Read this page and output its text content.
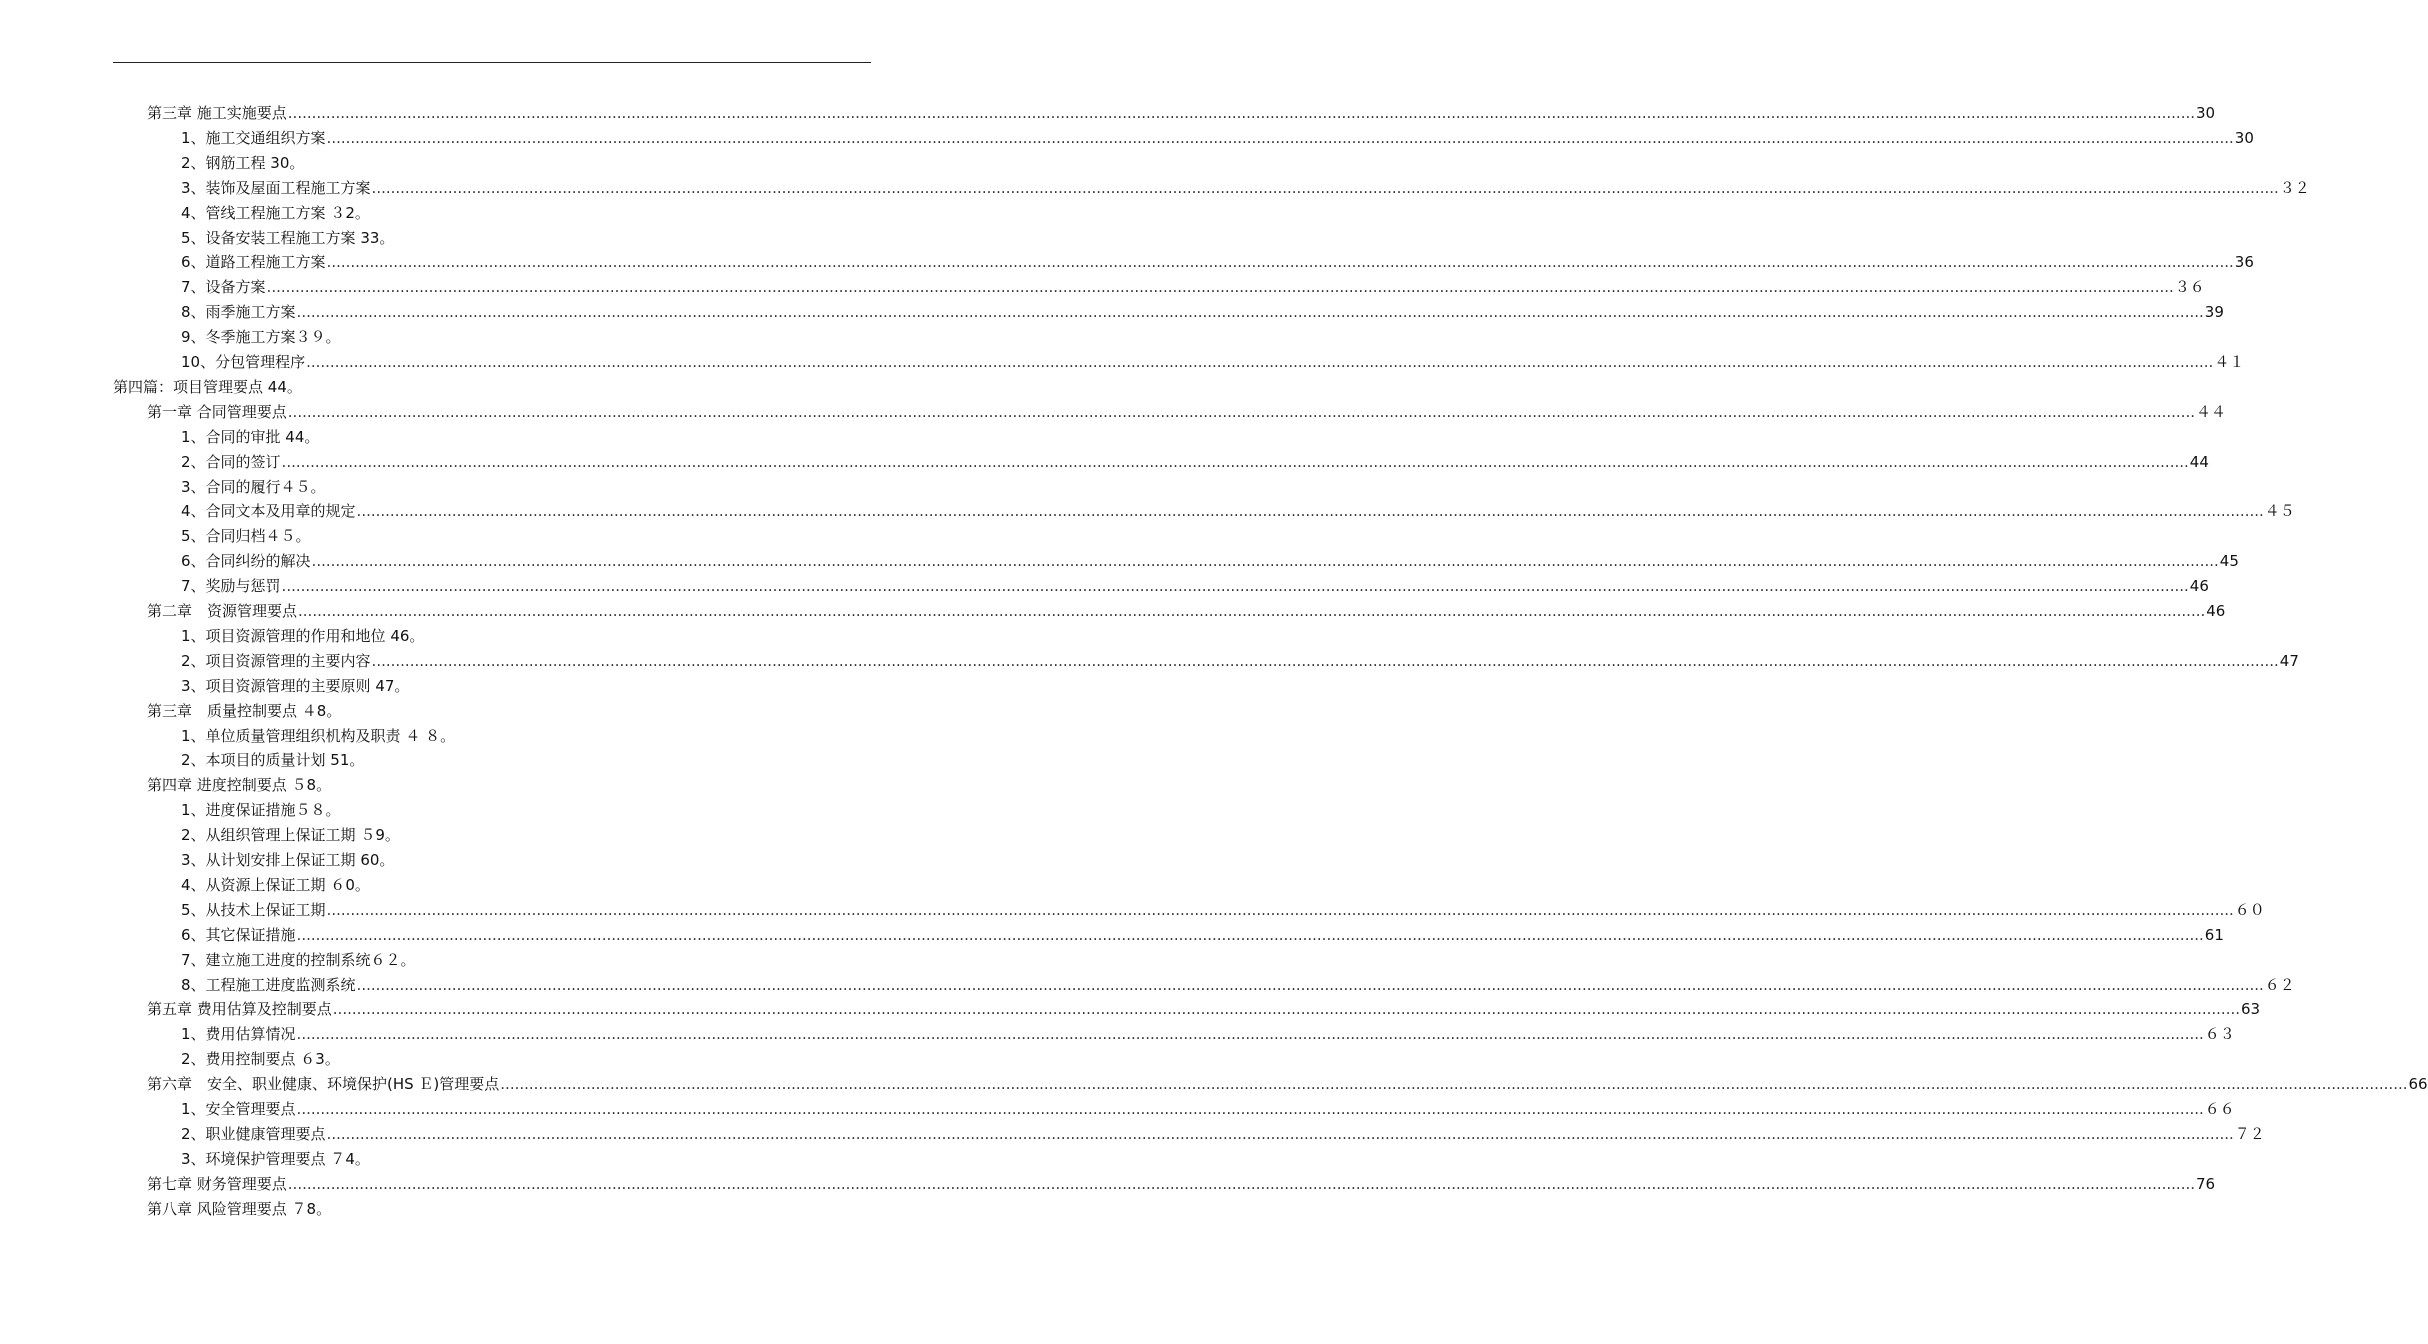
第三章 施工实施要点 ................................................................................................................................................................................................................................................................................................................................................................................................................ 30
1、施工交通组织方案 ................................................................................................................................................................................................................................................................................................................................................................................................................ 30
2、钢筋工程 30。
3、装饰及屋面工程施工方案 ................................................................................................................................................................................................................................................................................................................................................................................................................ ３２
4、管线工程施工方案 ３2。
5、设备安装工程施工方案 33。
6、道路工程施工方案 ................................................................................................................................................................................................................................................................................................................................................................................................................ 36
7、设备方案 ................................................................................................................................................................................................................................................................................................................................................................................................................ ３６
8、雨季施工方案 ................................................................................................................................................................................................................................................................................................................................................................................................................ 39
9、冬季施工方案３９。
10、分包管理程序 ................................................................................................................................................................................................................................................................................................................................................................................................................ ４１
第四篇：项目管理要点 44。
第一章 合同管理要点 ................................................................................................................................................................................................................................................................................................................................................................................................................ ４４
1、合同的审批 44。
2、合同的签订 ................................................................................................................................................................................................................................................................................................................................................................................................................ 44
3、合同的履行４５。
4、合同文本及用章的规定 ................................................................................................................................................................................................................................................................................................................................................................................................................ ４５
5、合同归档４５。
6、合同纠纷的解决 ................................................................................................................................................................................................................................................................................................................................................................................................................ 45
7、奖励与惩罚 ................................................................................................................................................................................................................................................................................................................................................................................................................ 46
第二章　资源管理要点 ................................................................................................................................................................................................................................................................................................................................................................................................................ 46
1、项目资源管理的作用和地位 46。
2、项目资源管理的主要内容 ................................................................................................................................................................................................................................................................................................................................................................................................................ 47
3、项目资源管理的主要原则 47。
第三章　质量控制要点 ４8。
1、单位质量管理组织机构及职责 ４ ８。
2、本项目的质量计划 51。
第四章 进度控制要点 ５8。
1、进度保证措施５８。
2、从组织管理上保证工期 ５9。
3、从计划安排上保证工期 60。
4、从资源上保证工期 ６0。
5、从技术上保证工期 ................................................................................................................................................................................................................................................................................................................................................................................................................ ６０
6、其它保证措施 ................................................................................................................................................................................................................................................................................................................................................................................................................ 61
7、建立施工进度的控制系统６２。
8、工程施工进度监测系统 ................................................................................................................................................................................................................................................................................................................................................................................................................ ６２
第五章 费用估算及控制要点 ................................................................................................................................................................................................................................................................................................................................................................................................................ 63
1、费用估算情况 ................................................................................................................................................................................................................................................................................................................................................................................................................ ６３
2、费用控制要点 ６3。
第六章　安全、职业健康、环境保护(HS Ｅ)管理要点 ................................................................................................................................................................................................................................................................................................................................................................................................................ 66
1、安全管理要点 ................................................................................................................................................................................................................................................................................................................................................................................................................ ６６
2、职业健康管理要点 ................................................................................................................................................................................................................................................................................................................................................................................................................ ７２
3、环境保护管理要点 ７4。
第七章 财务管理要点 ................................................................................................................................................................................................................................................................................................................................................................................................................ 76
第八章 风险管理要点 ７8。
